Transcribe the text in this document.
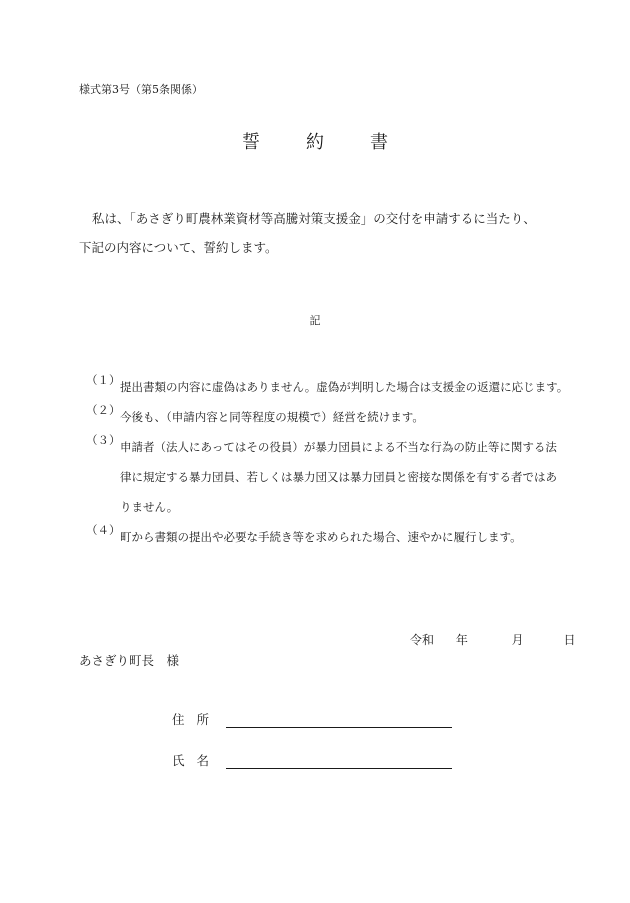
様式第3号（第5条関係）
誓　約　書
私は、「あさぎり町農林業資材等高騰対策支援金」の交付を申請するに当たり、
下記の内容について、誓約します。
記
（１） 提出書類の内容に虚偽はありません。虚偽が判明した場合は支援金の返還に応じます。
（２） 今後も、（申請内容と同等程度の規模で）経営を続けます。
（３） 申請者（法人にあってはその役員）が暴力団員による不当な行為の防止等に関する法
律に規定する暴力団員、若しくは暴力団又は暴力団員と密接な関係を有する者ではあ
りません。
（４） 町から書類の提出や必要な手続き等を求められた場合、速やかに履行します。
令和 年	月	日
あさぎり町長　様
住所
氏名
